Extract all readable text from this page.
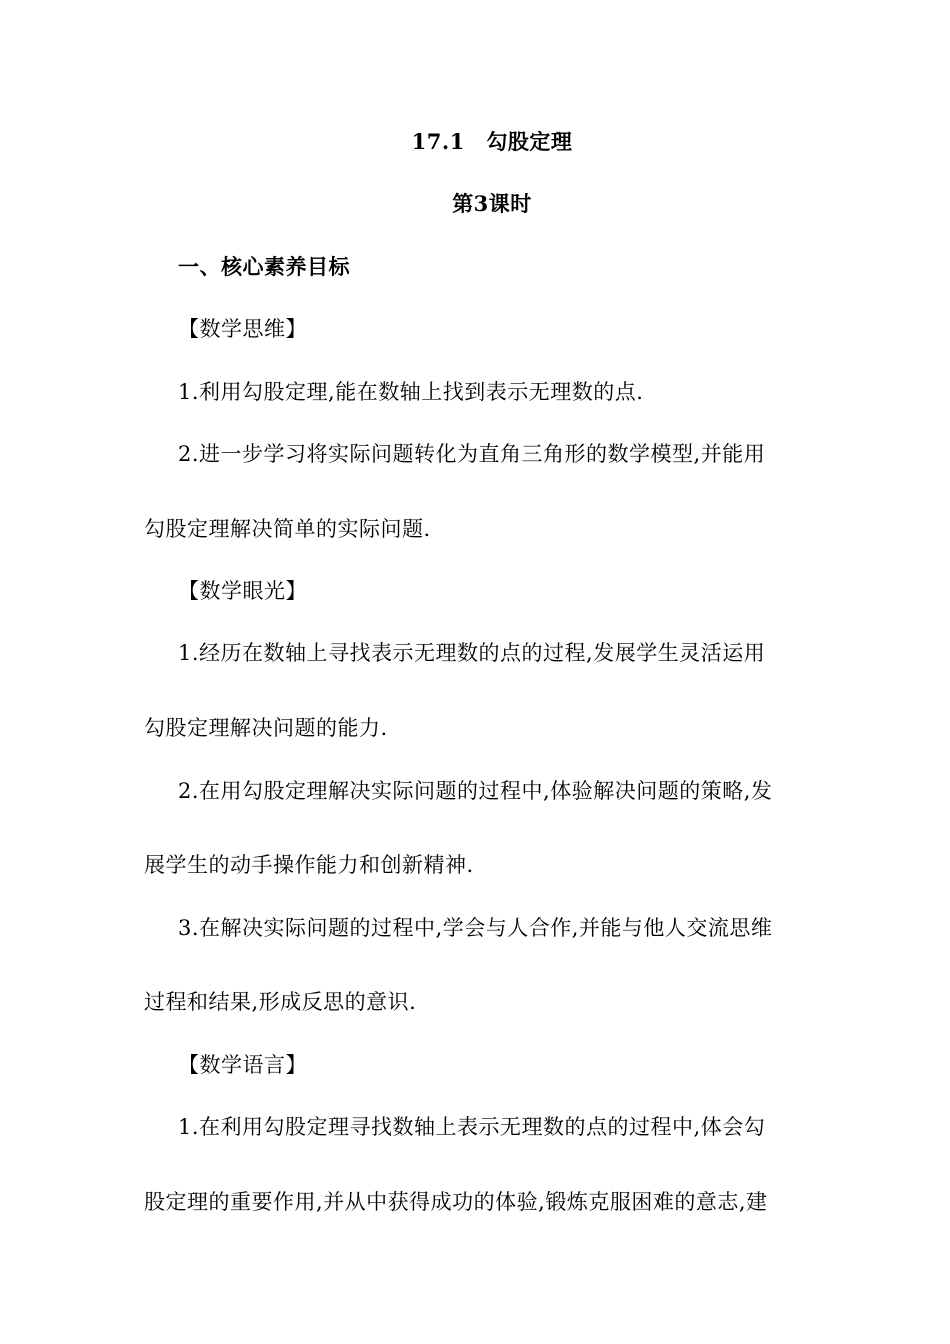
17.1　勾股定理
第3课时
一、核心素养目标
【数学思维】
1.利用勾股定理,能在数轴上找到表示无理数的点.
2.进一步学习将实际问题转化为直角三角形的数学模型,并能用
勾股定理解决简单的实际问题.
【数学眼光】
1.经历在数轴上寻找表示无理数的点的过程,发展学生灵活运用
勾股定理解决问题的能力.
2.在用勾股定理解决实际问题的过程中,体验解决问题的策略,发
展学生的动手操作能力和创新精神.
3.在解决实际问题的过程中,学会与人合作,并能与他人交流思维
过程和结果,形成反思的意识.
【数学语言】
1.在利用勾股定理寻找数轴上表示无理数的点的过程中,体会勾
股定理的重要作用,并从中获得成功的体验,锻炼克服困难的意志,建
